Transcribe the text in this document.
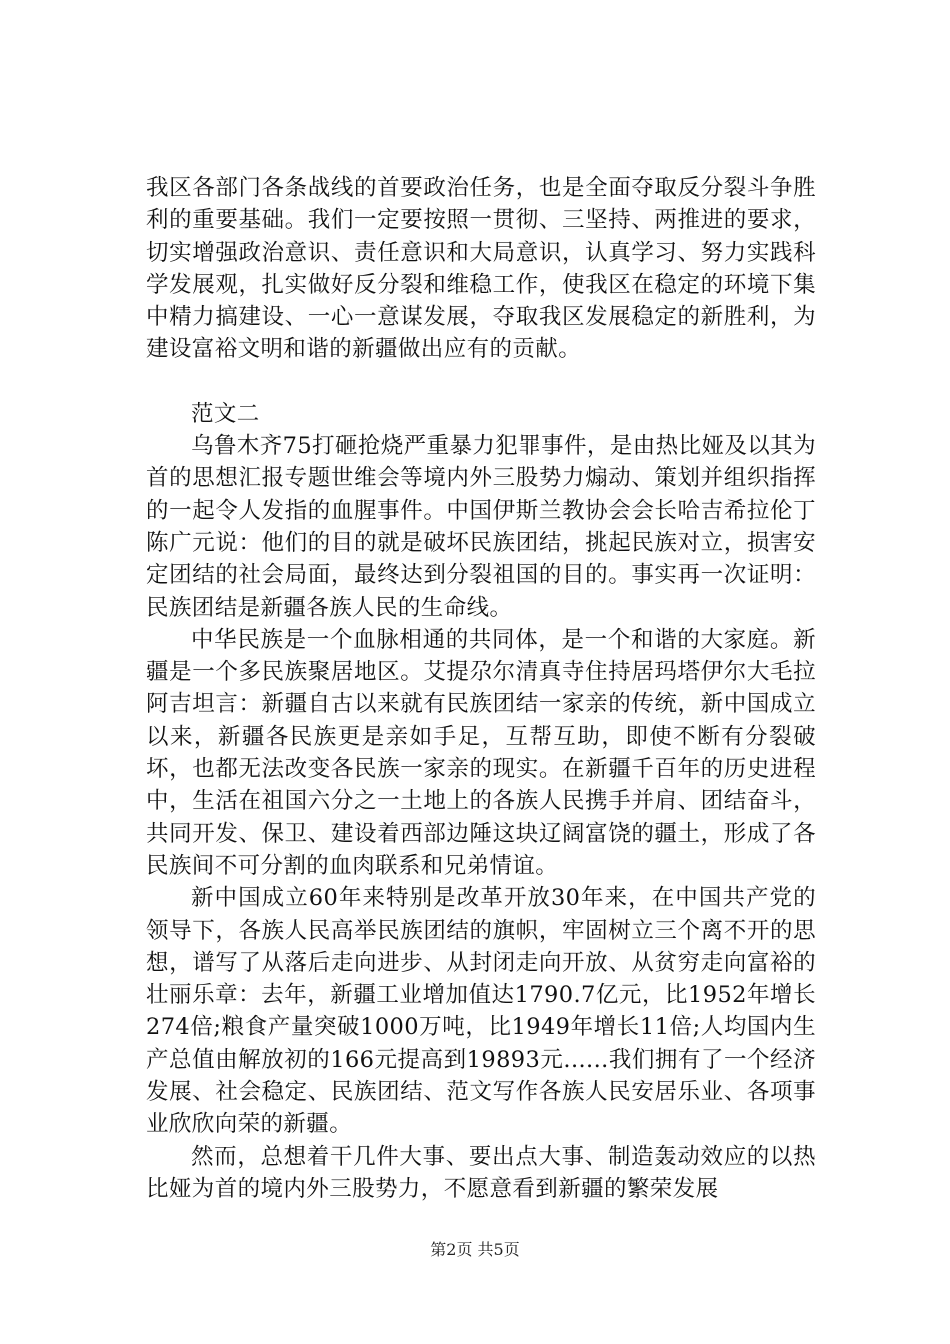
我区各部门各条战线的首要政治任务，也是全面夺取反分裂斗争胜利的重要基础。我们一定要按照一贯彻、三坚持、两推进的要求，切实增强政治意识、责任意识和大局意识，认真学习、努力实践科学发展观，扎实做好反分裂和维稳工作，使我区在稳定的环境下集中精力搞建设、一心一意谋发展，夺取我区发展稳定的新胜利，为建设富裕文明和谐的新疆做出应有的贡献。

范文二

乌鲁木齐75打砸抢烧严重暴力犯罪事件，是由热比娅及以其为首的思想汇报专题世维会等境内外三股势力煽动、策划并组织指挥的一起令人发指的血腥事件。中国伊斯兰教协会会长哈吉希拉伦丁陈广元说：他们的目的就是破坏民族团结，挑起民族对立，损害安定团结的社会局面，最终达到分裂祖国的目的。事实再一次证明：民族团结是新疆各族人民的生命线。

中华民族是一个血脉相通的共同体，是一个和谐的大家庭。新疆是一个多民族聚居地区。艾提尕尔清真寺住持居玛塔伊尔大毛拉阿吉坦言：新疆自古以来就有民族团结一家亲的传统，新中国成立以来，新疆各民族更是亲如手足，互帮互助，即使不断有分裂破坏，也都无法改变各民族一家亲的现实。在新疆千百年的历史进程中，生活在祖国六分之一土地上的各族人民携手并肩、团结奋斗，共同开发、保卫、建设着西部边陲这块辽阔富饶的疆土，形成了各民族间不可分割的血肉联系和兄弟情谊。

新中国成立60年来特别是改革开放30年来，在中国共产党的领导下，各族人民高举民族团结的旗帜，牢固树立三个离不开的思想，谱写了从落后走向进步、从封闭走向开放、从贫穷走向富裕的壮丽乐章：去年，新疆工业增加值达1790.7亿元，比1952年增长274倍;粮食产量突破1000万吨，比1949年增长11倍;人均国内生产总值由解放初的166元提高到19893元......我们拥有了一个经济发展、社会稳定、民族团结、范文写作各族人民安居乐业、各项事业欣欣向荣的新疆。

然而，总想着干几件大事、要出点大事、制造轰动效应的以热比娅为首的境内外三股势力，不愿意看到新疆的繁荣发展

第2页 共5页
